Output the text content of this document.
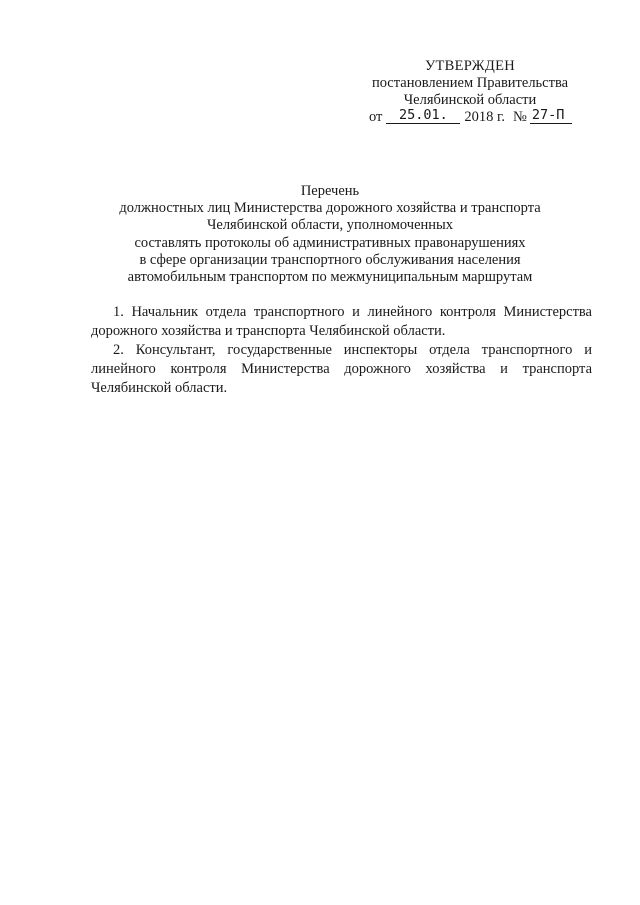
УТВЕРЖДЕН
постановлением Правительства
Челябинской области
от	25.01.	2018 г. № 27-П
Перечень
должностных лиц Министерства дорожного хозяйства и транспорта
Челябинской области, уполномоченных
составлять протоколы об административных правонарушениях
в сфере организации транспортного обслуживания населения
автомобильным транспортом по межмуниципальным маршрутам
1. Начальник отдела транспортного и линейного контроля Министерства
дорожного хозяйства и транспорта Челябинской области.
2. Консультант, государственные инспекторы отдела транспортного и
линейного контроля Министерства дорожного хозяйства и транспорта
Челябинской области.
